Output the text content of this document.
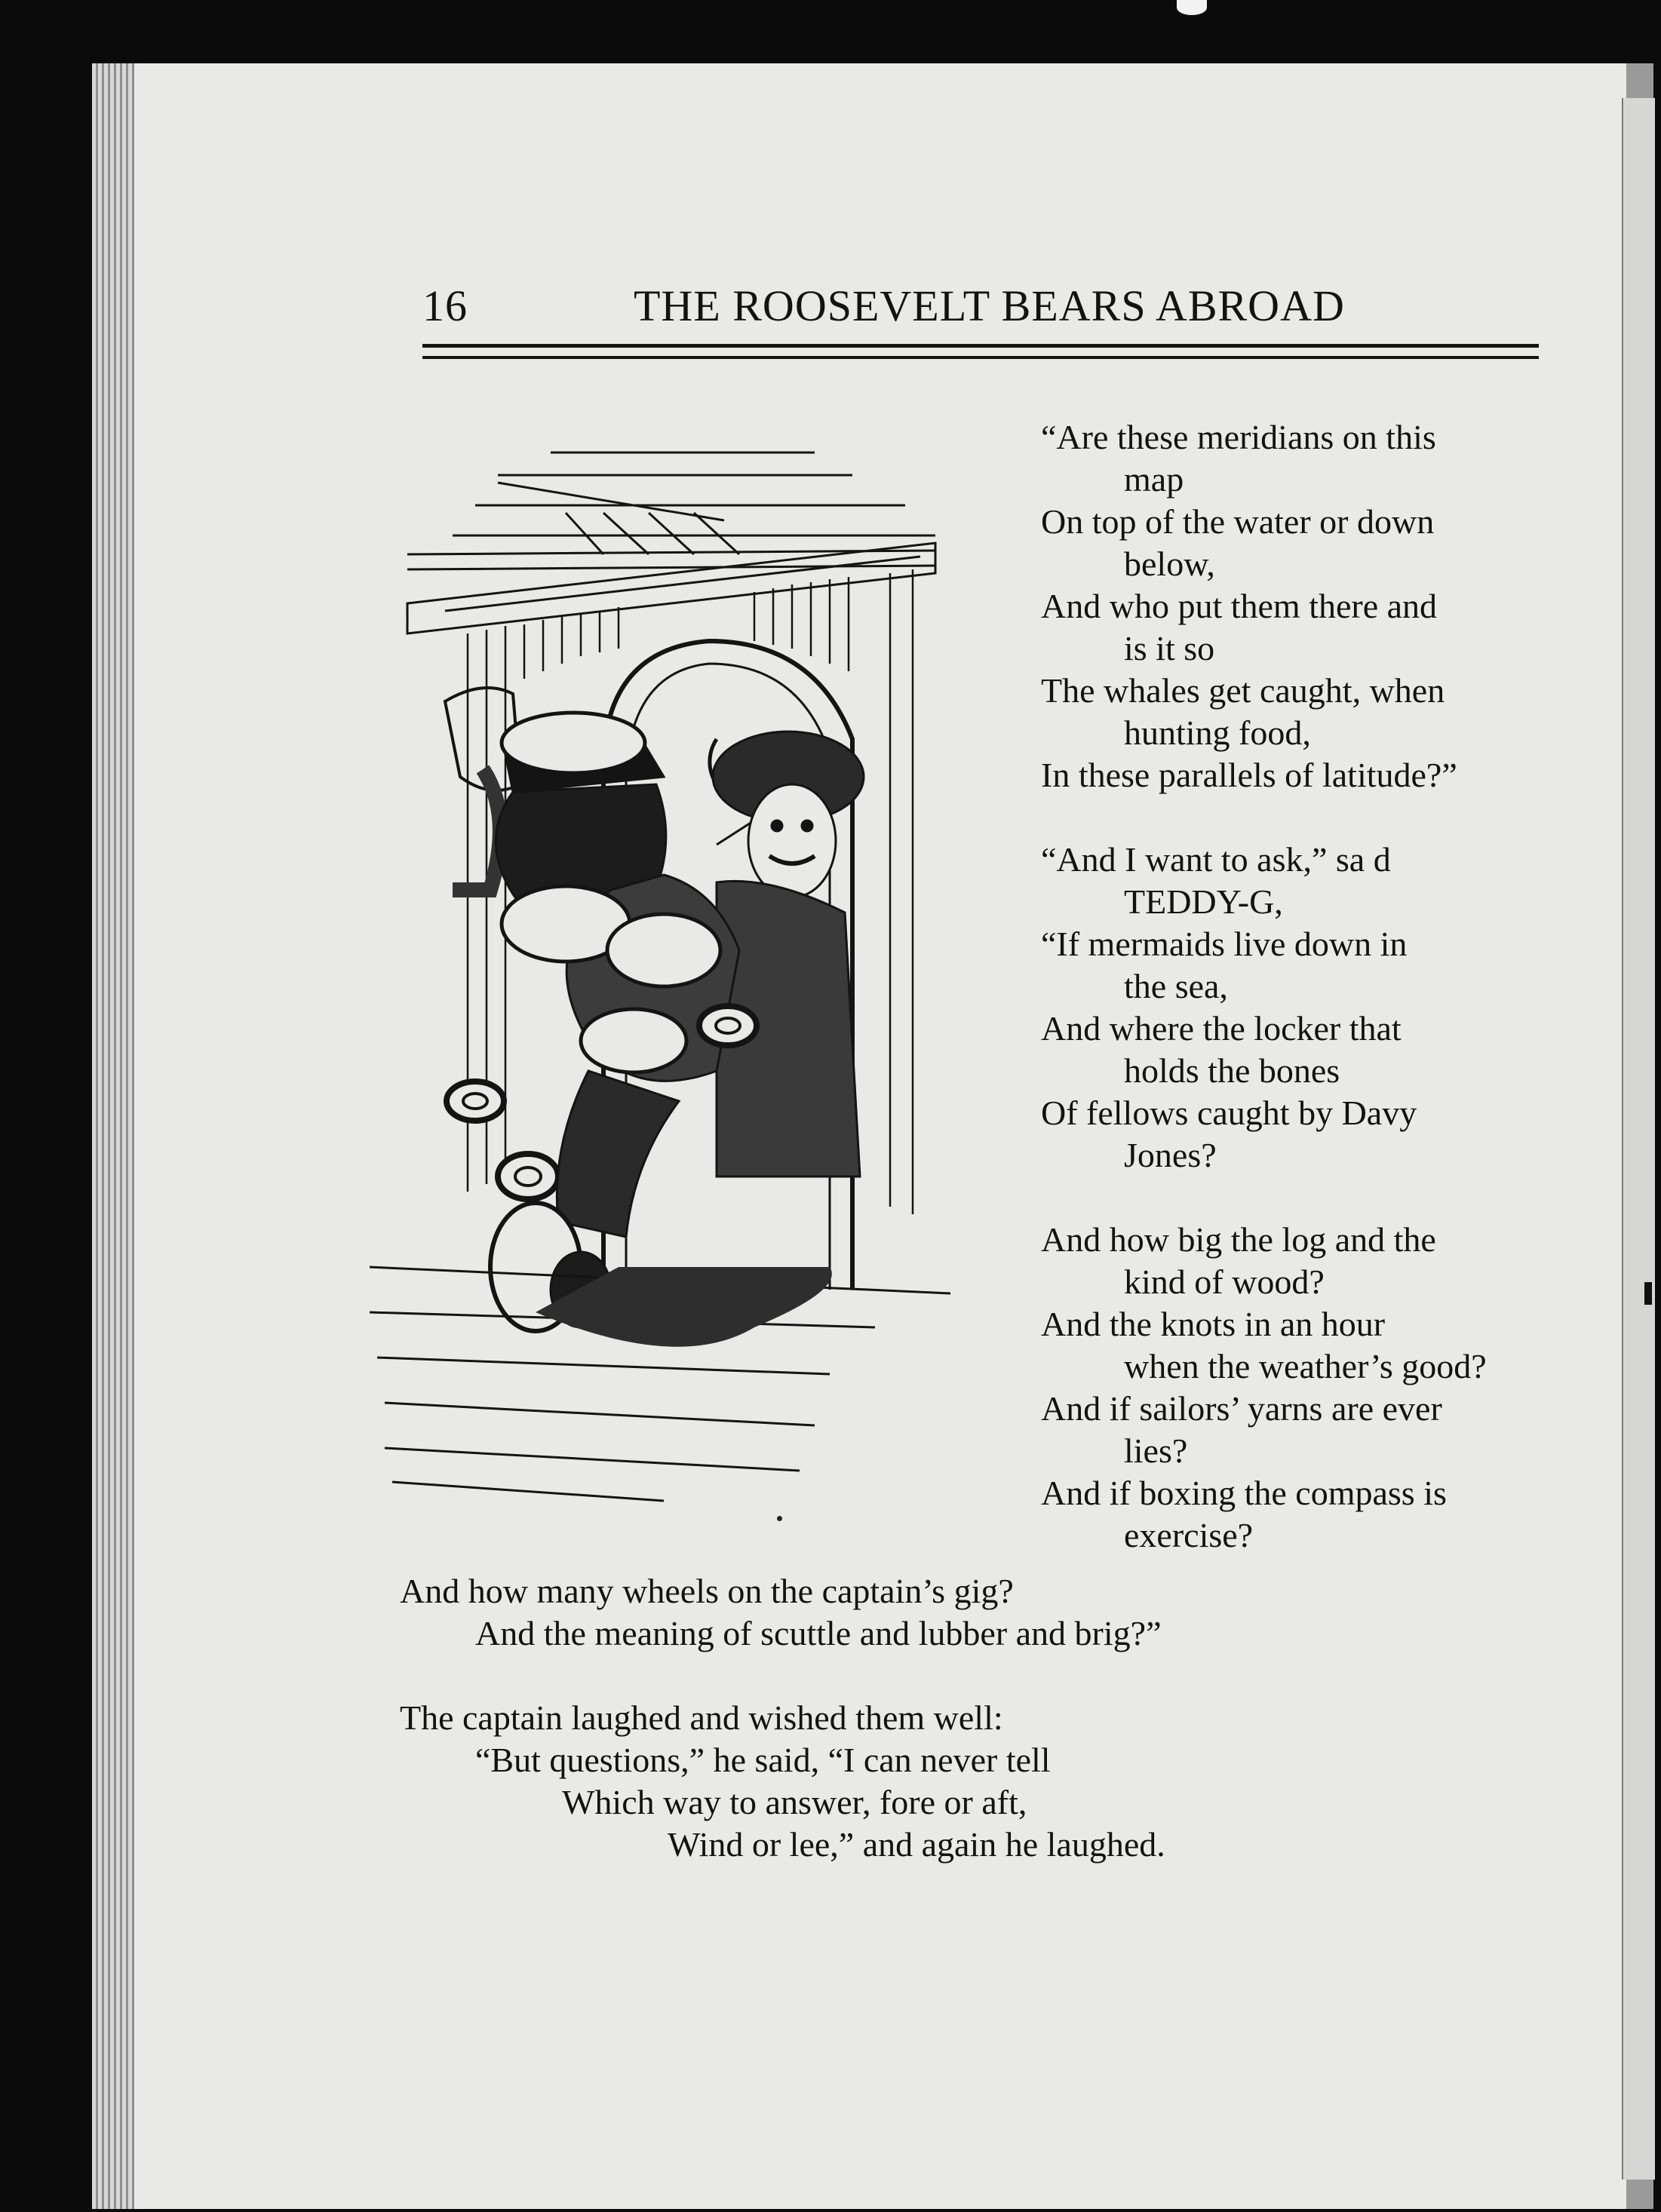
16	THE ROOSEVELT BEARS ABROAD
“Are these meridians on this
map
On top of the water or down
below,
And who put them there and
is it so
The whales get caught, when
hunting food,
In these parallels of latitude?”
“And I want to ask,” sa d
TEDDY-G,
“If mermaids live down in
the sea,
And where the locker that
holds the bones
Of fellows caught by Davy
Jones?
And how big the log and the
kind of wood?
And the knots in an hour
when the weather’s good?
And if sailors’ yarns are ever
lies?
And if boxing the compass is
exercise?
And how many wheels on the captain’s gig?
And the meaning of scuttle and lubber and brig?”
The captain laughed and wished them well:
“But questions,” he said, “I can never tell
Which way to answer, fore or aft,
Wind or lee,” and again he laughed.
